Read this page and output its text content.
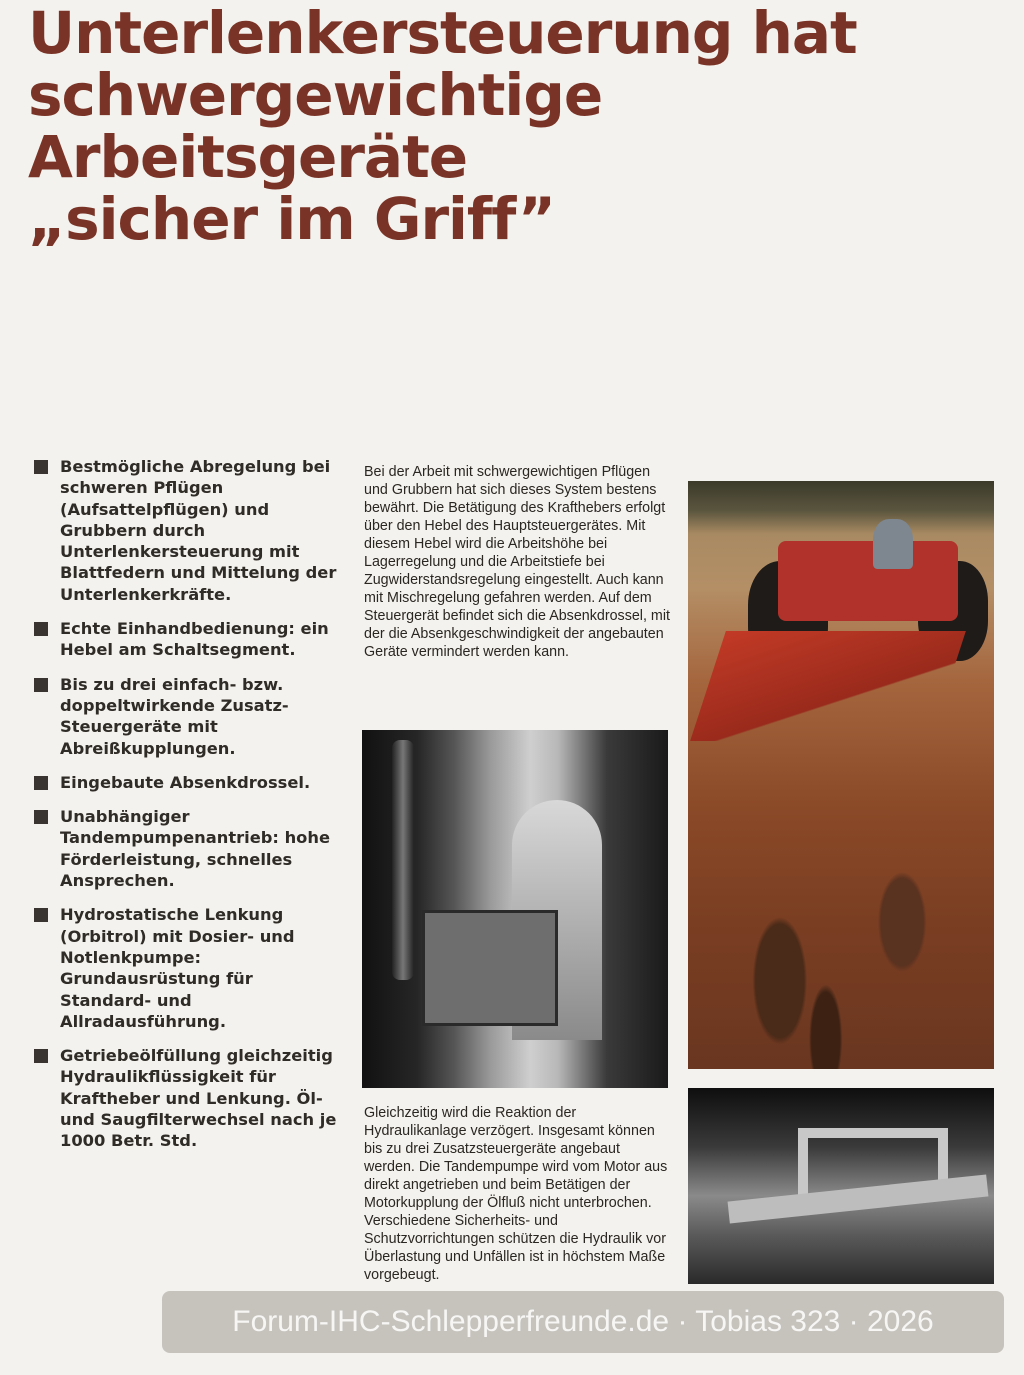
Unterlenkersteuerung hat
schwergewichtige
Arbeitsgeräte
„sicher im Griff”
Bestmögliche Abregelung bei schweren Pflügen (Aufsattelpflügen) und Grubbern durch Unterlenkersteuerung mit Blattfedern und Mittelung der Unterlenkerkräfte.
Echte Einhandbedienung: ein Hebel am Schaltsegment.
Bis zu drei einfach- bzw. doppeltwirkende Zusatz-Steuergeräte mit Abreißkupplungen.
Eingebaute Absenkdrossel.
Unabhängiger Tandempumpenantrieb: hohe Förderleistung, schnelles Ansprechen.
Hydrostatische Lenkung (Orbitrol) mit Dosier- und Notlenkpumpe: Grundausrüstung für Standard- und Allradausführung.
Getriebeölfüllung gleichzeitig Hydraulikflüssigkeit für Kraftheber und Lenkung. Öl- und Saugfilterwechsel nach je 1000 Betr. Std.

Bei der Arbeit mit schwergewichtigen Pflügen und Grubbern hat sich dieses System bestens bewährt. Die Betätigung des Krafthebers erfolgt über den Hebel des Hauptsteuergerätes. Mit diesem Hebel wird die Arbeitshöhe bei Lagerregelung und die Arbeitstiefe bei Zugwiderstandsregelung eingestellt. Auch kann mit Mischregelung gefahren werden. Auf dem Steuergerät befindet sich die Absenkdrossel, mit der die Absenkgeschwindigkeit der angebauten Geräte vermindert werden kann.

Gleichzeitig wird die Reaktion der Hydraulikanlage verzögert. Insgesamt können bis zu drei Zusatzsteuergeräte angebaut werden. Die Tandempumpe wird vom Motor aus direkt angetrieben und beim Betätigen der Motorkupplung der Ölfluß nicht unterbrochen. Verschiedene Sicherheits- und Schutzvorrichtungen schützen die Hydraulik vor Überlastung und Unfällen ist in höchstem Maße vorgebeugt.

Forum-IHC-Schlepperfreunde.de · Tobias 323 · 2026
